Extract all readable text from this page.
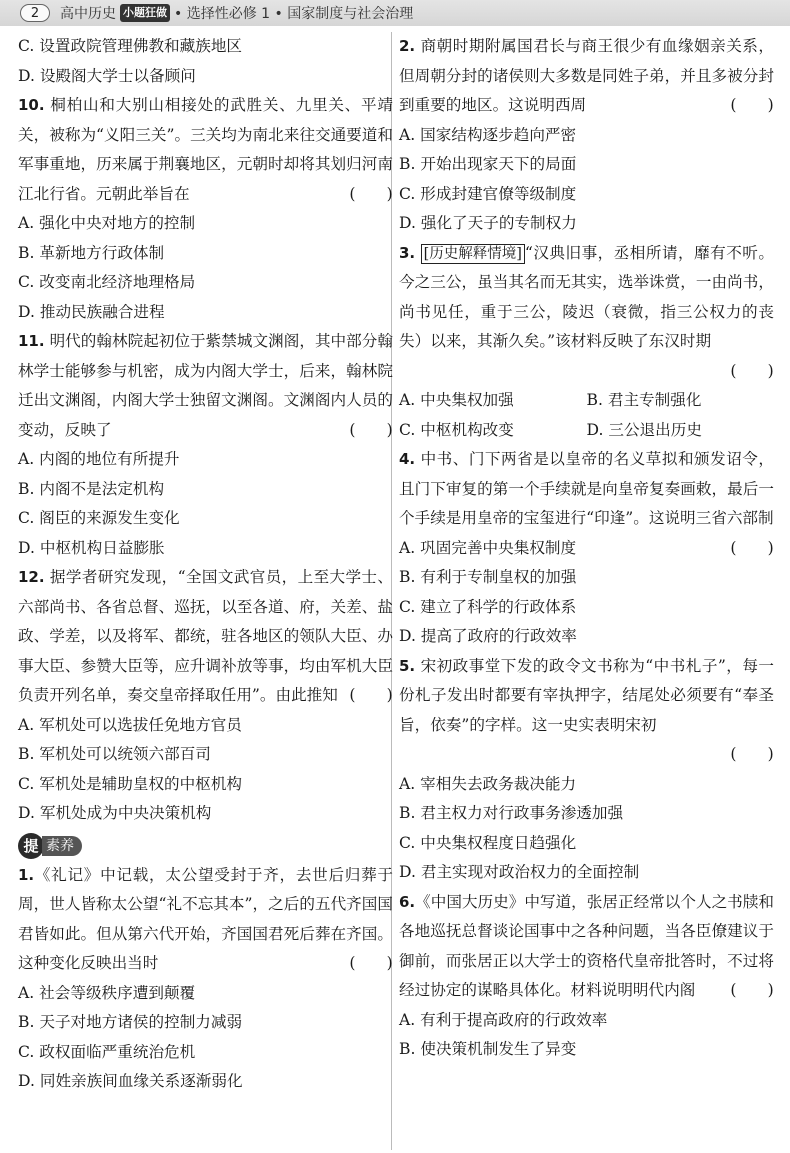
2	高中历史 小题狂做 • 选择性必修 1 • 国家制度与社会治理
C. 设置政院管理佛教和藏族地区
D. 设殿阁大学士以备顾问
10. 桐柏山和大别山相接处的武胜关、九里关、平靖关，被称为“义阳三关”。三关均为南北来往交通要道和军事重地，历来属于荆襄地区，元朝时却将其划归河南江北行省。元朝此举旨在	(　　)
A. 强化中央对地方的控制
B. 革新地方行政体制
C. 改变南北经济地理格局
D. 推动民族融合进程
11. 明代的翰林院起初位于紫禁城文渊阁，其中部分翰林学士能够参与机密，成为内阁大学士，后来，翰林院迁出文渊阁，内阁大学士独留文渊阁。文渊阁内人员的变动，反映了	(　　)
A. 内阁的地位有所提升
B. 内阁不是法定机构
C. 阁臣的来源发生变化
D. 中枢机构日益膨胀
12. 据学者研究发现，“全国文武官员，上至大学士、六部尚书、各省总督、巡抚，以至各道、府，关差、盐政、学差，以及将军、都统，驻各地区的领队大臣、办事大臣、参赞大臣等，应升调补放等事，均由军机大臣负责开列名单，奏交皇帝择取任用”。由此推知 (　　)
A. 军机处可以选拔任免地方官员
B. 军机处可以统领六部百司
C. 军机处是辅助皇权的中枢机构
D. 军机处成为中央决策机构
提 素养
1.《礼记》中记载，太公望受封于齐，去世后归葬于周，世人皆称太公望“礼不忘其本”，之后的五代齐国国君皆如此。但从第六代开始，齐国国君死后葬在齐国。这种变化反映出当时	(　　)
A. 社会等级秩序遭到颠覆
B. 天子对地方诸侯的控制力减弱
C. 政权面临严重统治危机
D. 同姓亲族间血缘关系逐渐弱化
2. 商朝时期附属国君长与商王很少有血缘姻亲关系，但周朝分封的诸侯则大多数是同姓子弟，并且多被分封到重要的地区。这说明西周	(　　)
A. 国家结构逐步趋向严密
B. 开始出现家天下的局面
C. 形成封建官僚等级制度
D. 强化了天子的专制权力
3. [历史解释情境] “汉典旧事，丞相所请，靡有不听。今之三公，虽当其名而无其实，选举诛赏，一由尚书，尚书见任，重于三公，陵迟（衰微，指三公权力的丧失）以来，其渐久矣。”该材料反映了东汉时期
(　　)
A. 中央集权加强	B. 君主专制强化
C. 中枢机构改变	D. 三公退出历史
4. 中书、门下两省是以皇帝的名义草拟和颁发诏令，且门下审复的第一个手续就是向皇帝复奏画敕，最后一个手续是用皇帝的宝玺进行“印逢”。这说明三省六部制
(　　)
A. 巩固完善中央集权制度
B. 有利于专制皇权的加强
C. 建立了科学的行政体系
D. 提高了政府的行政效率
5. 宋初政事堂下发的政令文书称为“中书札子”，每一份札子发出时都要有宰执押字，结尾处必须要有“奉圣旨，依奏”的字样。这一史实表明宋初
(　　)
A. 宰相失去政务裁决能力
B. 君主权力对行政事务渗透加强
C. 中央集权程度日趋强化
D. 君主实现对政治权力的全面控制
6.《中国大历史》中写道，张居正经常以个人之书牍和各地巡抚总督谈论国事中之各种问题，当各臣僚建议于御前，而张居正以大学士的资格代皇帝批答时，不过将经过协定的谋略具体化。材料说明明代内阁 (　　)
A. 有利于提高政府的行政效率
B. 使决策机制发生了异变
